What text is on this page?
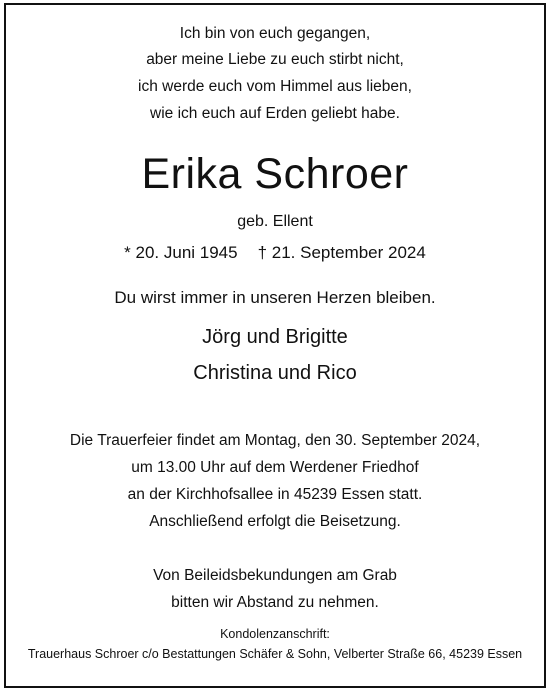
Ich bin von euch gegangen,
aber meine Liebe zu euch stirbt nicht,
ich werde euch vom Himmel aus lieben,
wie ich euch auf Erden geliebt habe.
Erika Schroer
geb. Ellent
* 20. Juni 1945 † 21. September 2024
Du wirst immer in unseren Herzen bleiben.
Jörg und Brigitte
Christina und Rico
Die Trauerfeier findet am Montag, den 30. September 2024,
um 13.00 Uhr auf dem Werdener Friedhof
an der Kirchhofsallee in 45239 Essen statt.
Anschließend erfolgt die Beisetzung.
Von Beileidsbekundungen am Grab
bitten wir Abstand zu nehmen.
Kondolenzanschrift:
Trauerhaus Schroer c/o Bestattungen Schäfer & Sohn, Velberter Straße 66, 45239 Essen
